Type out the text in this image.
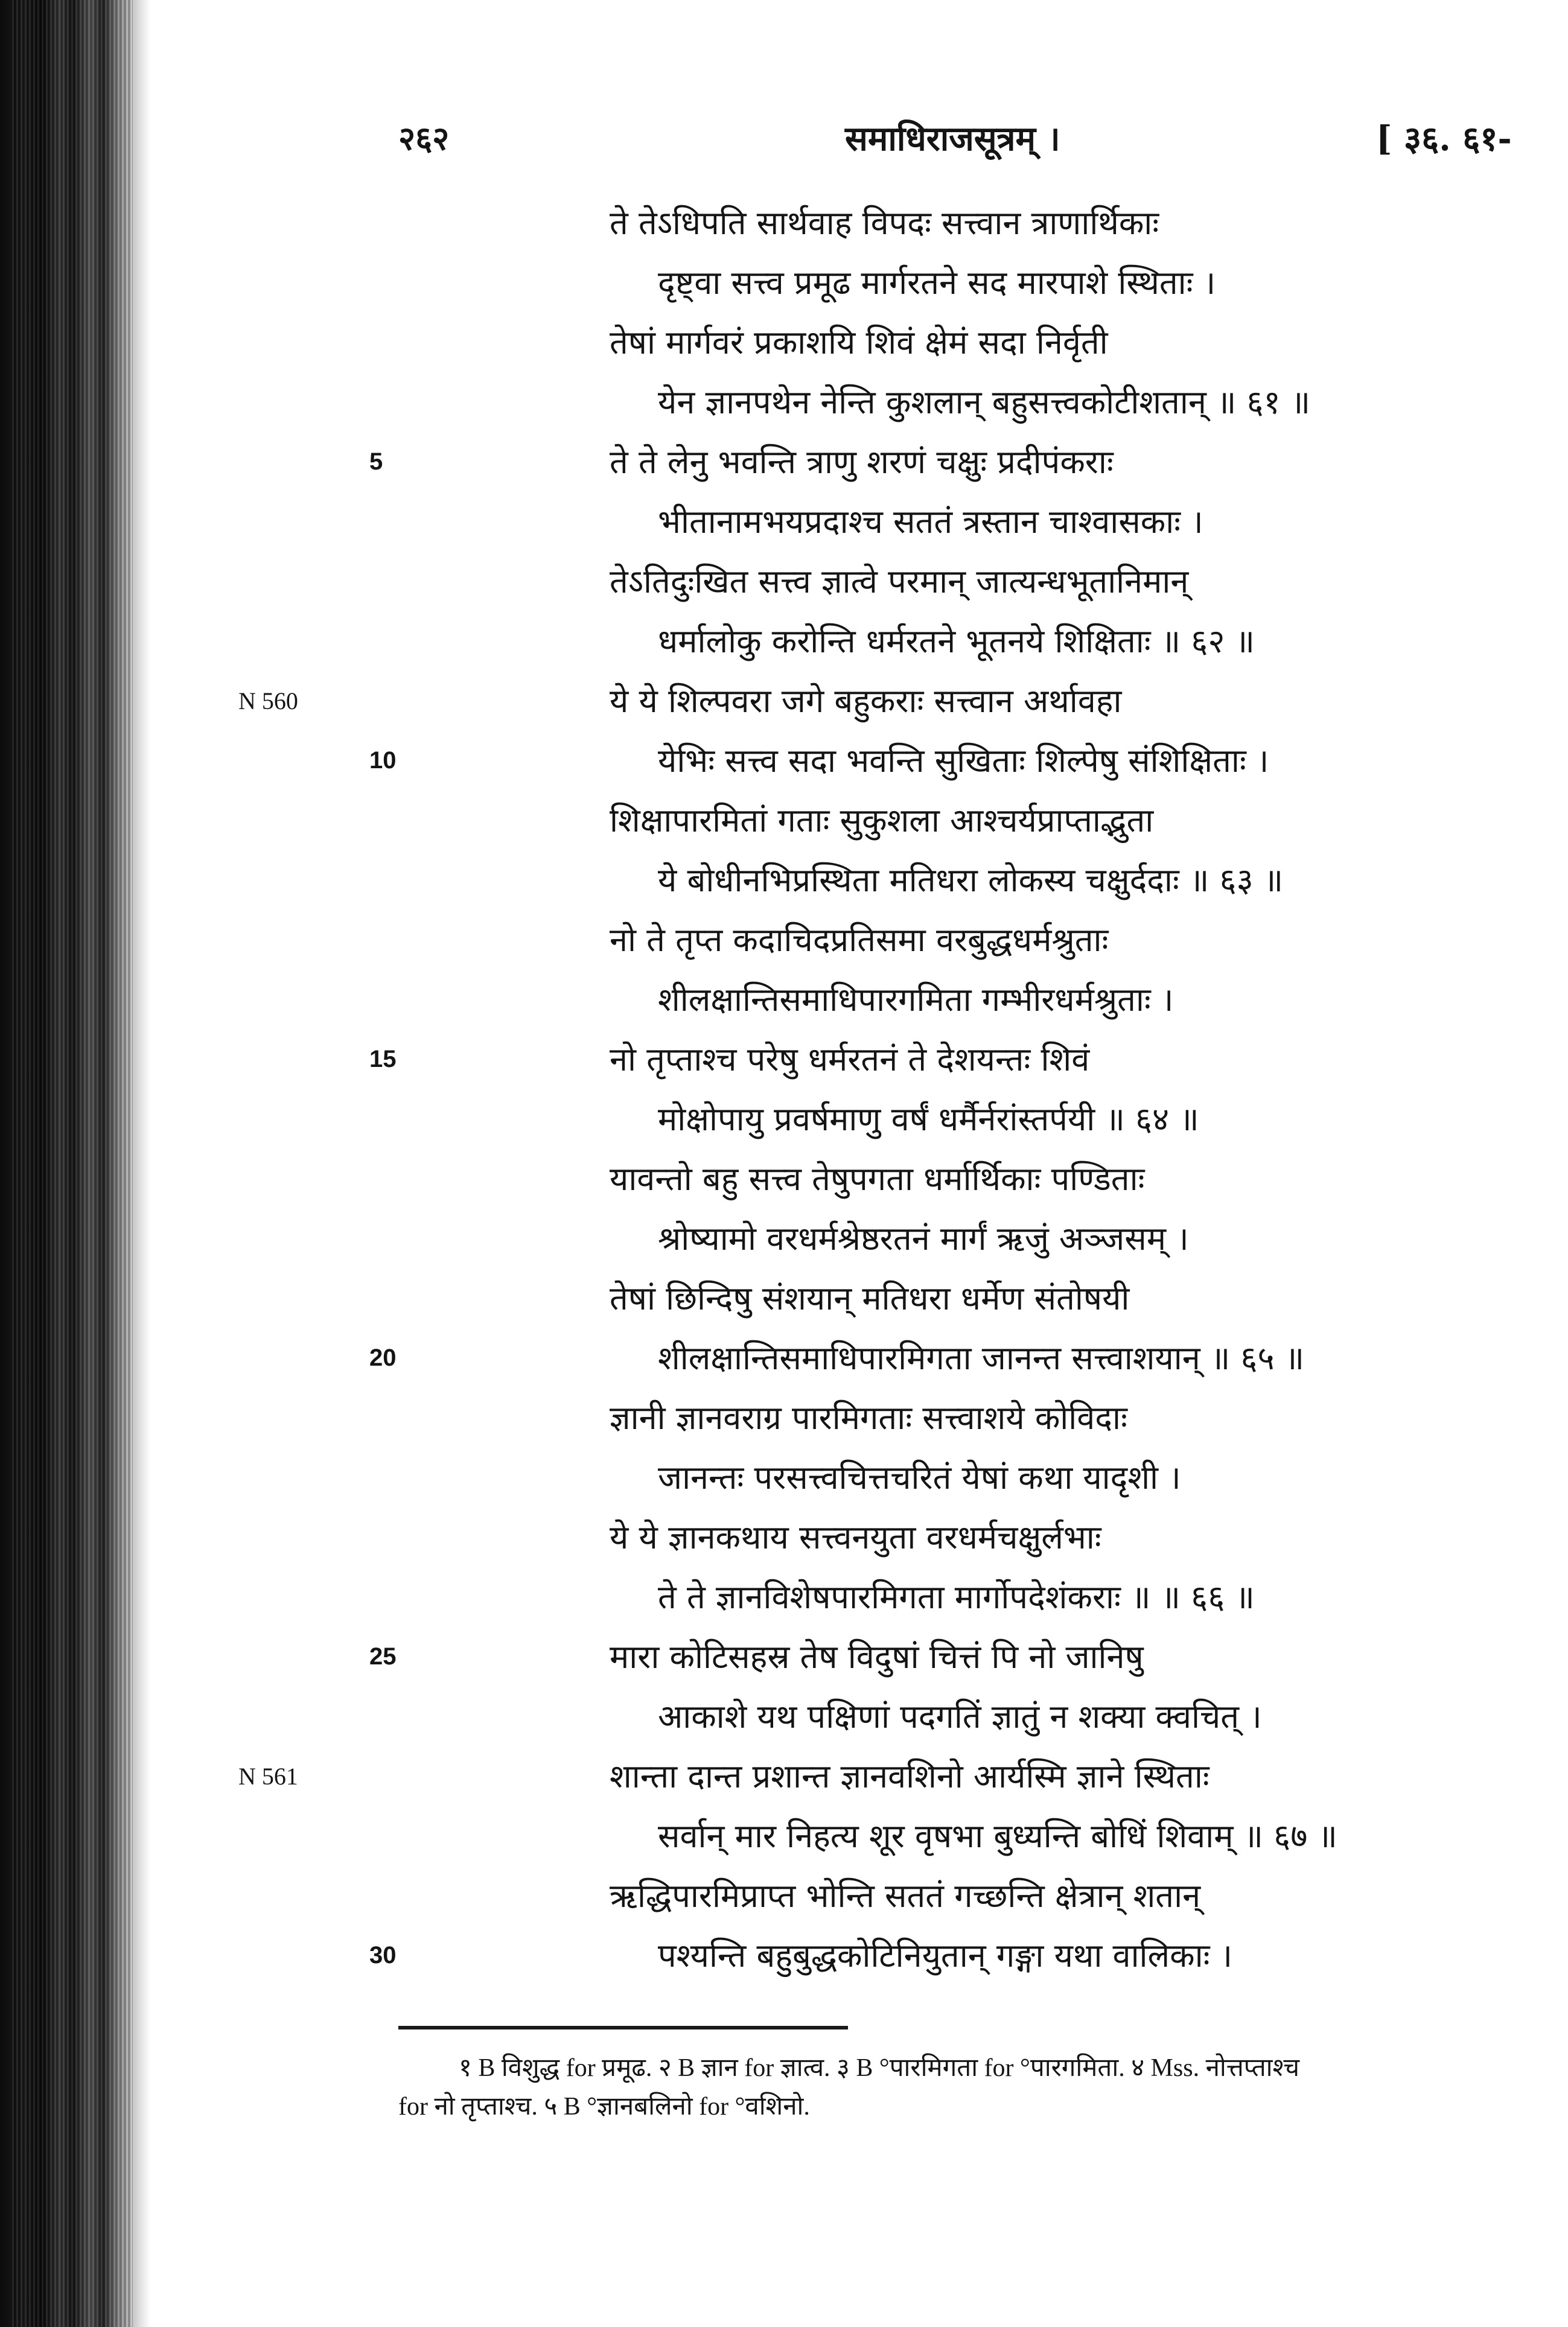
२६२	समाधिराजसूत्रम् ।	[ ३६. ६१-
ते तेऽधिपति सार्थवाह विपदः सत्त्वान त्राणार्थिकाः
दृष्ट्वा सत्त्व प्रमूढ मार्गरतने सद मारपाशे स्थिताः ।
तेषां मार्गवरं प्रकाशयि शिवं क्षेमं सदा निर्वृती
येन ज्ञानपथेन नेन्ति कुशलान् बहुसत्त्वकोटीशतान् ॥ ६१ ॥
5	ते ते लेनु भवन्ति त्राणु शरणं चक्षुः प्रदीपंकराः
भीतानामभयप्रदाश्च सततं त्रस्तान चाश्वासकाः ।
तेऽतिदुःखित सत्त्व ज्ञात्वे परमान् जात्यन्धभूतानिमान्
धर्मालोकु करोन्ति धर्मरतने भूतनये शिक्षिताः ॥ ६२ ॥
N 560	ये ये शिल्पवरा जगे बहुकराः सत्त्वान अर्थावहा
10	येभिः सत्त्व सदा भवन्ति सुखिताः शिल्पेषु संशिक्षिताः ।
शिक्षापारमितां गताः सुकुशला आश्चर्यप्राप्ताद्भुता
ये बोधीनभिप्रस्थिता मतिधरा लोकस्य चक्षुर्ददाः ॥ ६३ ॥
नो ते तृप्त कदाचिदप्रतिसमा वरबुद्धधर्मश्रुताः
शीलक्षान्तिसमाधिपारगमिता गम्भीरधर्मश्रुताः ।
15	नो तृप्ताश्च परेषु धर्मरतनं ते देशयन्तः शिवं
मोक्षोपायु प्रवर्षमाणु वर्षं धर्मैर्नरांस्तर्पयी ॥ ६४ ॥
यावन्तो बहु सत्त्व तेषुपगता धर्मार्थिकाः पण्डिताः
श्रोष्यामो वरधर्मश्रेष्ठरतनं मार्गं ऋजुं अञ्जसम् ।
तेषां छिन्दिषु संशयान् मतिधरा धर्मेण संतोषयी
20	शीलक्षान्तिसमाधिपारमिगता जानन्त सत्त्वाशयान् ॥ ६५ ॥
ज्ञानी ज्ञानवराग्र पारमिगताः सत्त्वाशये कोविदाः
जानन्तः परसत्त्वचित्तचरितं येषां कथा यादृशी ।
ये ये ज्ञानकथाय सत्त्वनयुता वरधर्मचक्षुर्लभाः
ते ते ज्ञानविशेषपारमिगता मार्गोपदेशंकराः ॥ ॥ ६६ ॥
25	मारा कोटिसहस्र तेष विदुषां चित्तं पि नो जानिषु
आकाशे यथ पक्षिणां पदगतिं ज्ञातुं न शक्या क्वचित् ।
N 561	शान्ता दान्त प्रशान्त ज्ञानवशिनो आर्यस्मि ज्ञाने स्थिताः
सर्वान् मार निहत्य शूर वृषभा बुध्यन्ति बोधिं शिवाम् ॥ ६७ ॥
ऋद्धिपारमिप्राप्त भोन्ति सततं गच्छन्ति क्षेत्रान् शतान्
30	पश्यन्ति बहुबुद्धकोटिनियुतान् गङ्गा यथा वालिकाः ।
१ B विशुद्ध for प्रमूढ. २ B ज्ञान for ज्ञात्व. ३ B °पारमिगता for °पारगमिता. ४ Mss. नोत्तप्ताश्च
for नो तृप्ताश्च. ५ B °ज्ञानबलिनो for °वशिनो.
